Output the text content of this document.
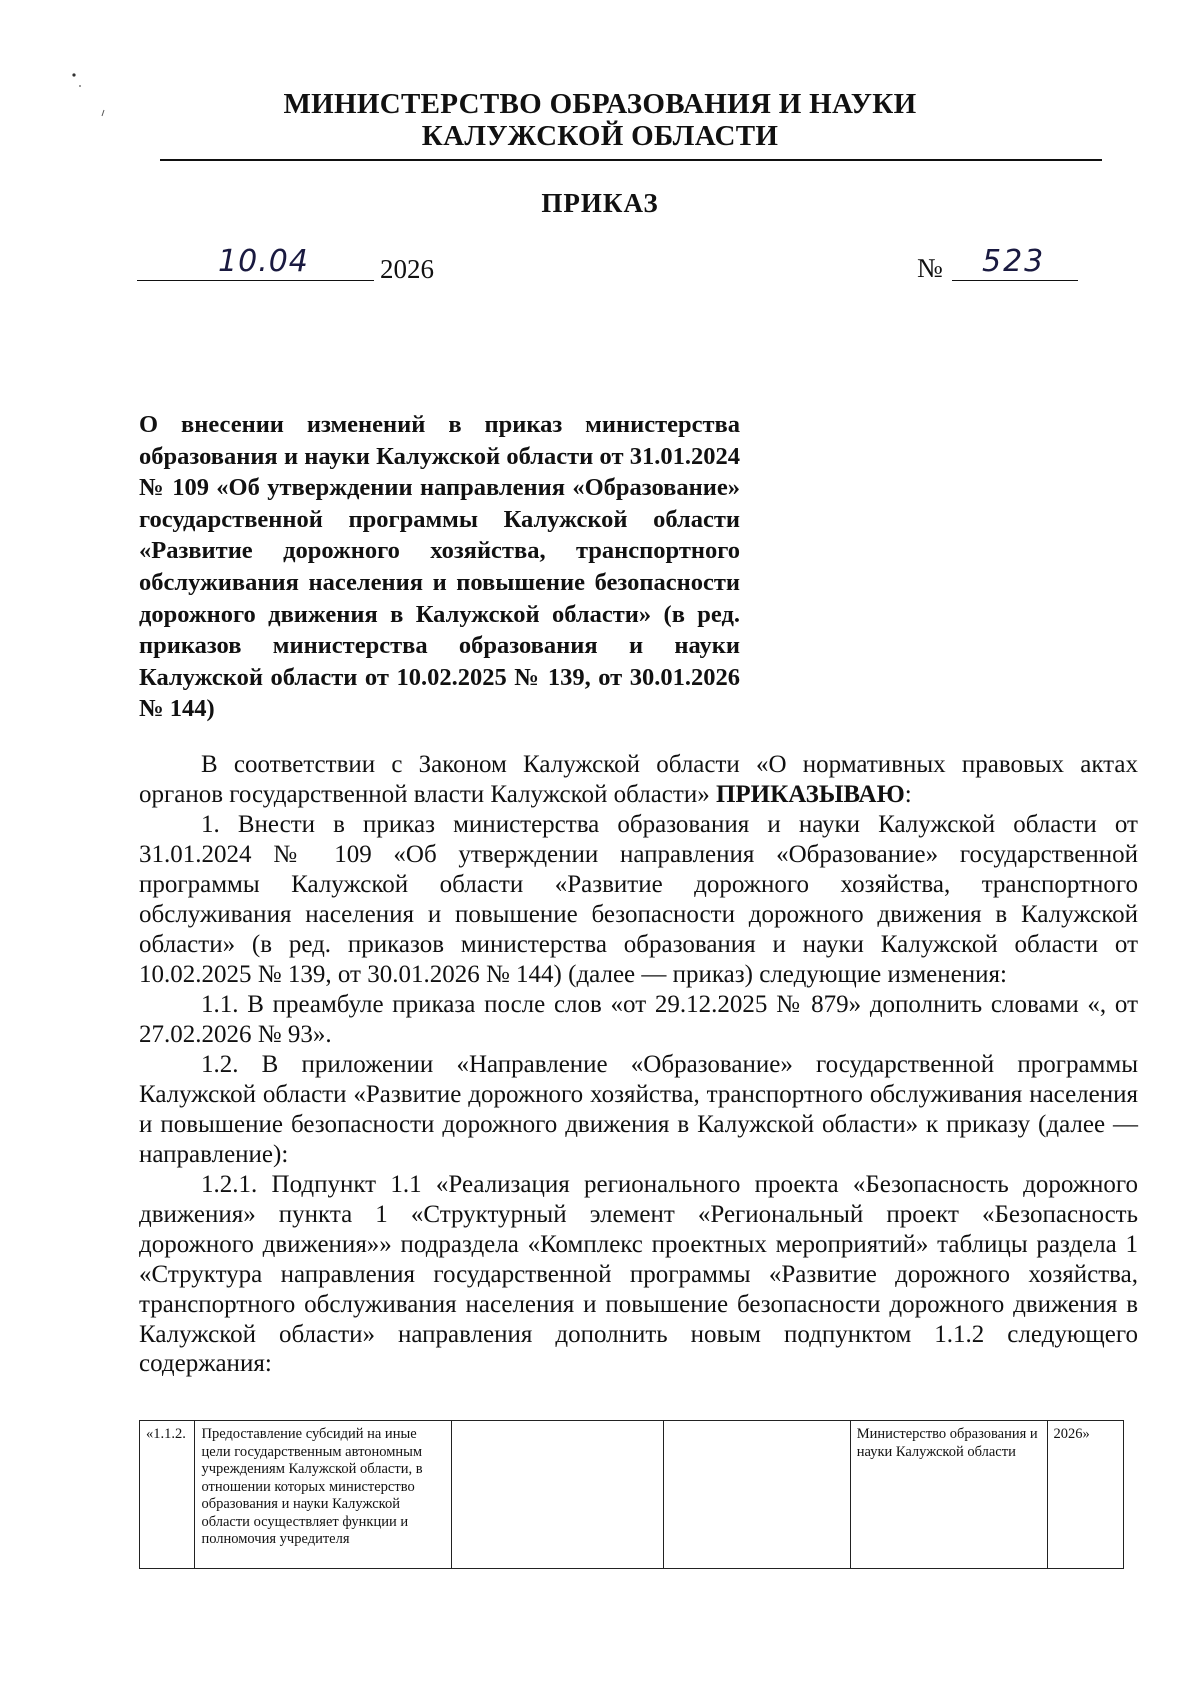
МИНИСТЕРСТВО ОБРАЗОВАНИЯ И НАУКИ
КАЛУЖСКОЙ ОБЛАСТИ
ПРИКАЗ
10.04	2026	№ 523
О внесении изменений в приказ министерства образования и науки Калужской области от 31.01.2024 № 109 «Об утверждении направления «Образование» государственной программы Калужской области «Развитие дорожного хозяйства, транспортного обслуживания населения и повышение безопасности дорожного движения в Калужской области» (в ред. приказов министерства образования и науки Калужской области от 10.02.2025 № 139, от 30.01.2026 № 144)
В соответствии с Законом Калужской области «О нормативных правовых актах органов государственной власти Калужской области» ПРИКАЗЫВАЮ:
1. Внести в приказ министерства образования и науки Калужской области от 31.01.2024 № 109 «Об утверждении направления «Образование» государственной программы Калужской области «Развитие дорожного хозяйства, транспортного обслуживания населения и повышение безопасности дорожного движения в Калужской области» (в ред. приказов министерства образования и науки Калужской области от 10.02.2025 № 139, от 30.01.2026 № 144) (далее — приказ) следующие изменения:
1.1. В преамбуле приказа после слов «от 29.12.2025 № 879» дополнить словами «, от 27.02.2026 № 93».
1.2. В приложении «Направление «Образование» государственной программы Калужской области «Развитие дорожного хозяйства, транспортного обслуживания населения и повышение безопасности дорожного движения в Калужской области» к приказу (далее — направление):
1.2.1. Подпункт 1.1 «Реализация регионального проекта «Безопасность дорожного движения» пункта 1 «Структурный элемент «Региональный проект «Безопасность дорожного движения»» подраздела «Комплекс проектных мероприятий» таблицы раздела 1 «Структура направления государственной программы «Развитие дорожного хозяйства, транспортного обслуживания населения и повышение безопасности дорожного движения в Калужской области» направления дополнить новым подпунктом 1.1.2 следующего содержания:
«1.1.2.	Предоставление субсидий на иные цели государственным автономным учреждениям Калужской области, в отношении которых министерство образования и науки Калужской области осуществляет функции и полномочия учредителя			Министерство образования и науки Калужской области	2026»
